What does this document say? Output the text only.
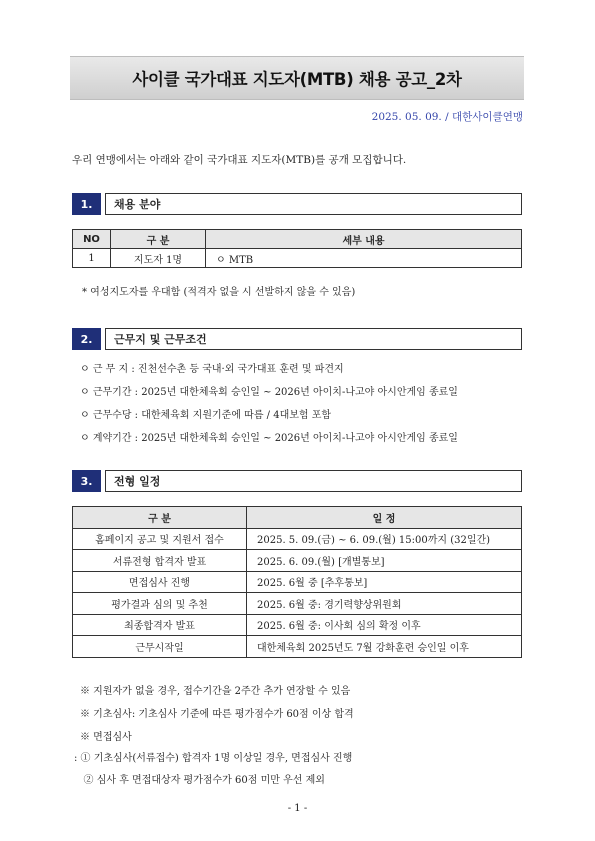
사이클 국가대표 지도자(MTB) 채용 공고_2차
2025. 05. 09. / 대한사이클연맹
우리 연맹에서는 아래와 같이 국가대표 지도자(MTB)를 공개 모집합니다.
1.	채용 분야
NO	구 분	세부 내용
1	지도자 1명	ㅇ MTB
* 여성지도자를 우대함 (적격자 없을 시 선발하지 않을 수 있음)
2.	근무지 및 근무조건
ㅇ 근 무 지 : 진천선수촌 등 국내·외 국가대표 훈련 및 파견지
ㅇ 근무기간 : 2025년 대한체육회 승인일 ~ 2026년 아이치-나고야 아시안게임 종료일
ㅇ 근무수당 : 대한체육회 지원기준에 따름 / 4대보험 포함
ㅇ 계약기간 : 2025년 대한체육회 승인일 ~ 2026년 아이치-나고야 아시안게임 종료일
3.	전형 일정
구 분	일 정
홈페이지 공고 및 지원서 접수	2025. 5. 09.(금) ~ 6. 09.(월) 15:00까지 (32일간)
서류전형 합격자 발표	2025. 6. 09.(월) [개별통보]
면접심사 진행	2025. 6월 중 [추후통보]
평가결과 심의 및 추천	2025. 6월 중: 경기력향상위원회
최종합격자 발표	2025. 6월 중: 이사회 심의 확정 이후
근무시작일	대한체육회 2025년도 7월 강화훈련 승인일 이후
※ 지원자가 없을 경우, 접수기간을 2주간 추가 연장할 수 있음
※ 기초심사: 기초심사 기준에 따른 평가점수가 60점 이상 합격
※ 면접심사
: ① 기초심사(서류접수) 합격자 1명 이상일 경우, 면접심사 진행
② 심사 후 면접대상자 평가점수가 60점 미만 우선 제외
- 1 -
